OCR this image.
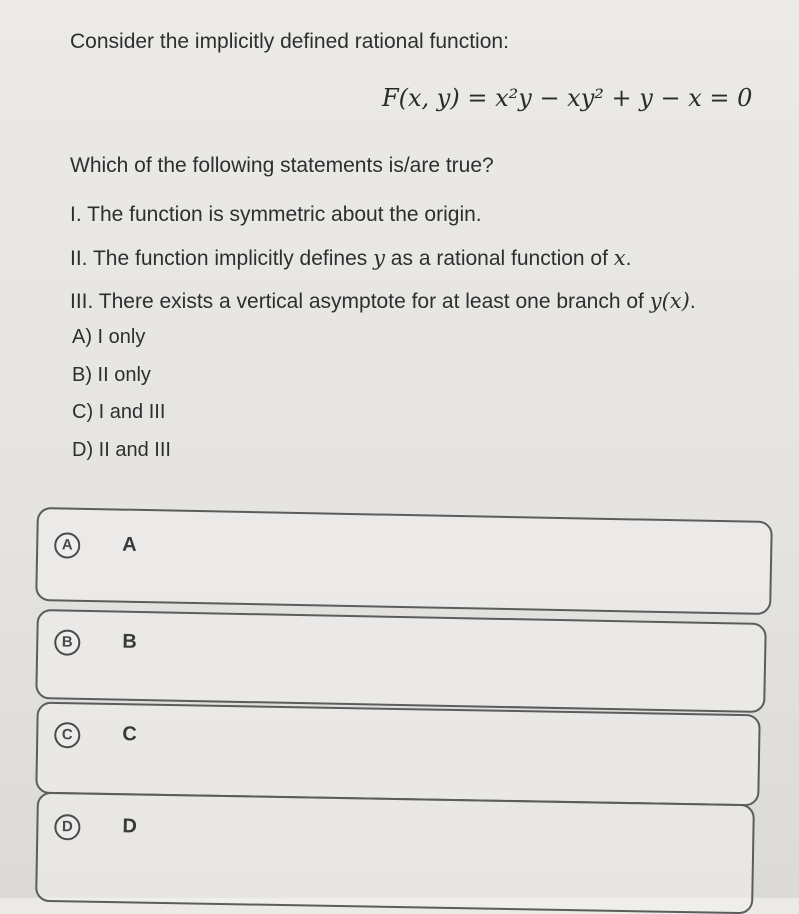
Consider the implicitly defined rational function:
F(x, y) = x²y − xy² + y − x = 0
Which of the following statements is/are true?
I. The function is symmetric about the origin.
II. The function implicitly defines y as a rational function of x.
III. There exists a vertical asymptote for at least one branch of y(x).
A) I only
B) II only
C) I and III
D) II and III
A	A
B	B
C	C
D	D
